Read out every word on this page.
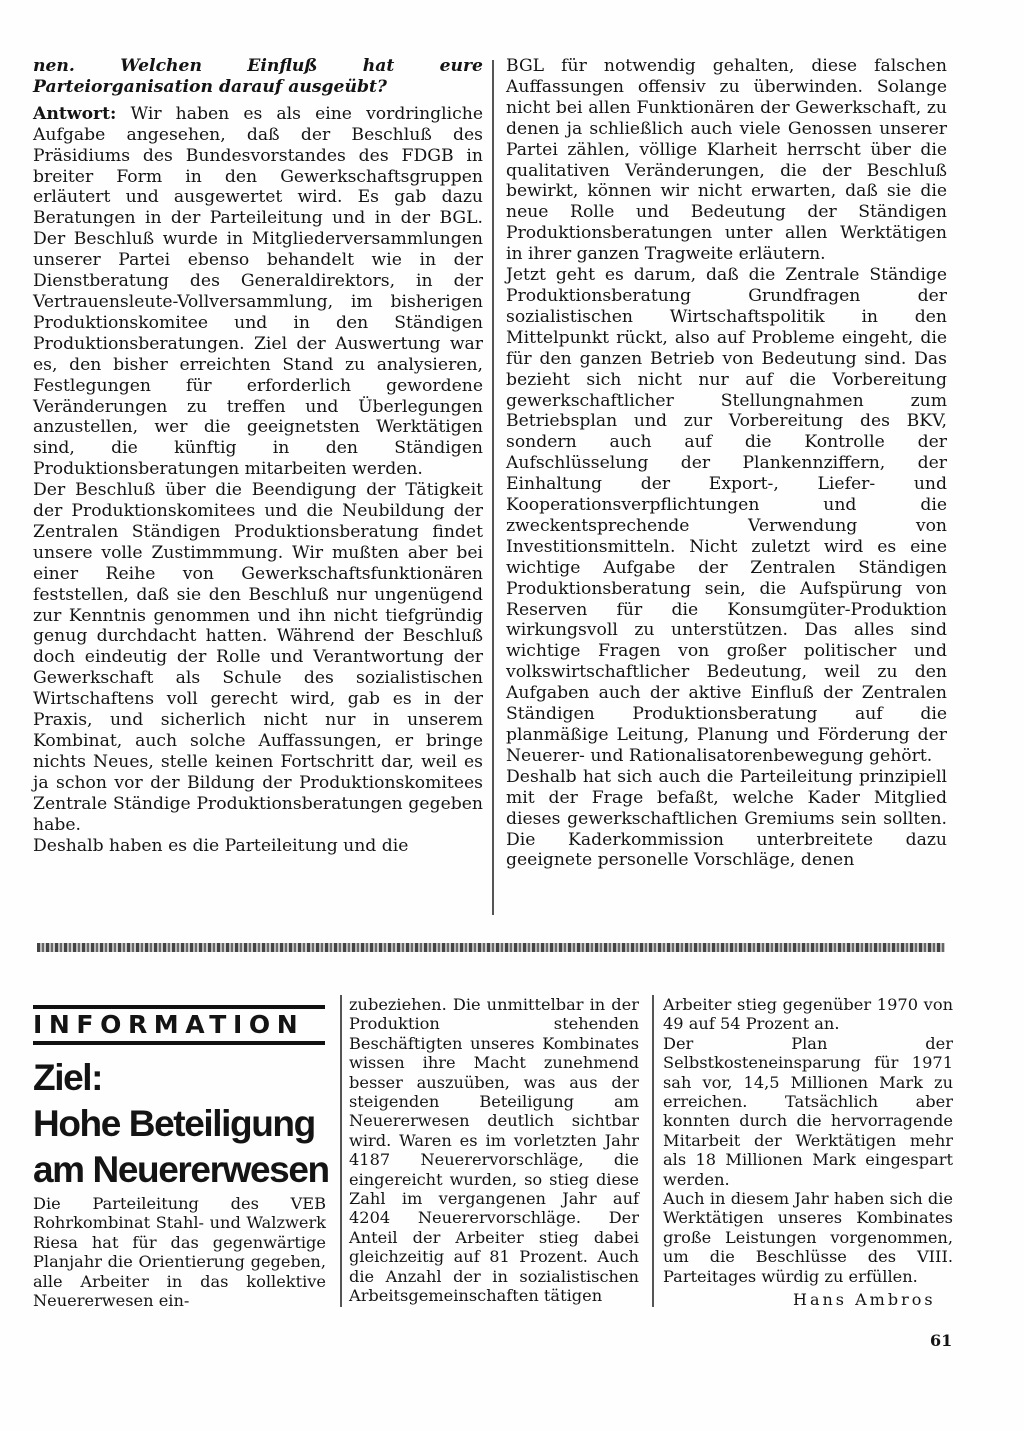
nen. Welchen Einfluß hat eure Parteiorganisation darauf ausgeübt?

Antwort: Wir haben es als eine vordringliche Aufgabe angesehen, daß der Beschluß des Präsidiums des Bundesvorstandes des FDGB in breiter Form in den Gewerkschaftsgruppen erläutert und ausgewertet wird. Es gab dazu Beratungen in der Parteileitung und in der BGL. Der Beschluß wurde in Mitgliederversammlungen unserer Partei ebenso behandelt wie in der Dienstberatung des Generaldirektors, in der Vertrauensleute-Vollversammlung, im bisherigen Produktionskomitee und in den Ständigen Produktionsberatungen. Ziel der Auswertung war es, den bisher erreichten Stand zu analysieren, Festlegungen für erforderlich gewordene Veränderungen zu treffen und Überlegungen anzustellen, wer die geeignetsten Werktätigen sind, die künftig in den Ständigen Produktionsberatungen mitarbeiten werden.

Der Beschluß über die Beendigung der Tätigkeit der Produktionskomitees und die Neubildung der Zentralen Ständigen Produktionsberatung findet unsere volle Zustimmmung. Wir mußten aber bei einer Reihe von Gewerkschaftsfunktionären feststellen, daß sie den Beschluß nur ungenügend zur Kenntnis genommen und ihn nicht tiefgründig genug durchdacht hatten. Während der Beschluß doch eindeutig der Rolle und Verantwortung der Gewerkschaft als Schule des sozialistischen Wirtschaftens voll gerecht wird, gab es in der Praxis, und sicherlich nicht nur in unserem Kombinat, auch solche Auffassungen, er bringe nichts Neues, stelle keinen Fortschritt dar, weil es ja schon vor der Bildung der Produktionskomitees Zentrale Ständige Produktionsberatungen gegeben habe.

Deshalb haben es die Parteileitung und die

BGL für notwendig gehalten, diese falschen Auffassungen offensiv zu überwinden. Solange nicht bei allen Funktionären der Gewerkschaft, zu denen ja schließlich auch viele Genossen unserer Partei zählen, völlige Klarheit herrscht über die qualitativen Veränderungen, die der Beschluß bewirkt, können wir nicht erwarten, daß sie die neue Rolle und Bedeutung der Ständigen Produktionsberatungen unter allen Werktätigen in ihrer ganzen Tragweite erläutern.

Jetzt geht es darum, daß die Zentrale Ständige Produktionsberatung Grundfragen der sozialistischen Wirtschaftspolitik in den Mittelpunkt rückt, also auf Probleme eingeht, die für den ganzen Betrieb von Bedeutung sind. Das bezieht sich nicht nur auf die Vorbereitung gewerkschaftlicher Stellungnahmen zum Betriebsplan und zur Vorbereitung des BKV, sondern auch auf die Kontrolle der Aufschlüsselung der Plankennziffern, der Einhaltung der Export-, Liefer- und Kooperationsverpflichtungen und die zweckentsprechende Verwendung von Investitionsmitteln. Nicht zuletzt wird es eine wichtige Aufgabe der Zentralen Ständigen Produktionsberatung sein, die Aufspürung von Reserven für die Konsumgüter-Produktion wirkungsvoll zu unterstützen. Das alles sind wichtige Fragen von großer politischer und volkswirtschaftlicher Bedeutung, weil zu den Aufgaben auch der aktive Einfluß der Zentralen Ständigen Produktionsberatung auf die planmäßige Leitung, Planung und Förderung der Neuerer- und Rationalisatorenbewegung gehört.

Deshalb hat sich auch die Parteileitung prinzipiell mit der Frage befaßt, welche Kader Mitglied dieses gewerkschaftlichen Gremiums sein sollten. Die Kaderkommission unterbreitete dazu geeignete personelle Vorschläge, denen

INFORMATION
Ziel:
Hohe Beteiligung
am Neuererwesen

Die Parteileitung des VEB Rohrkombinat Stahl- und Walzwerk Riesa hat für das gegenwärtige Planjahr die Orientierung gegeben, alle Arbeiter in das kollektive Neuererwesen ein-

zubeziehen. Die unmittelbar in der Produktion stehenden Beschäftigten unseres Kombinates wissen ihre Macht zunehmend besser auszuüben, was aus der steigenden Beteiligung am Neuererwesen deutlich sichtbar wird. Waren es im vorletzten Jahr 4187 Neuerervorschläge, die eingereicht wurden, so stieg diese Zahl im vergangenen Jahr auf 4204 Neuerervorschläge. Der Anteil der Arbeiter stieg dabei gleichzeitig auf 81 Prozent. Auch die Anzahl der in sozialistischen Arbeitsgemeinschaften tätigen

Arbeiter stieg gegenüber 1970 von 49 auf 54 Prozent an.

Der Plan der Selbstkosteneinsparung für 1971 sah vor, 14,5 Millionen Mark zu erreichen. Tatsächlich aber konnten durch die hervorragende Mitarbeit der Werktätigen mehr als 18 Millionen Mark eingespart werden.

Auch in diesem Jahr haben sich die Werktätigen unseres Kombinates große Leistungen vorgenommen, um die Beschlüsse des VIII. Parteitages würdig zu erfüllen.

Hans Ambros
61
